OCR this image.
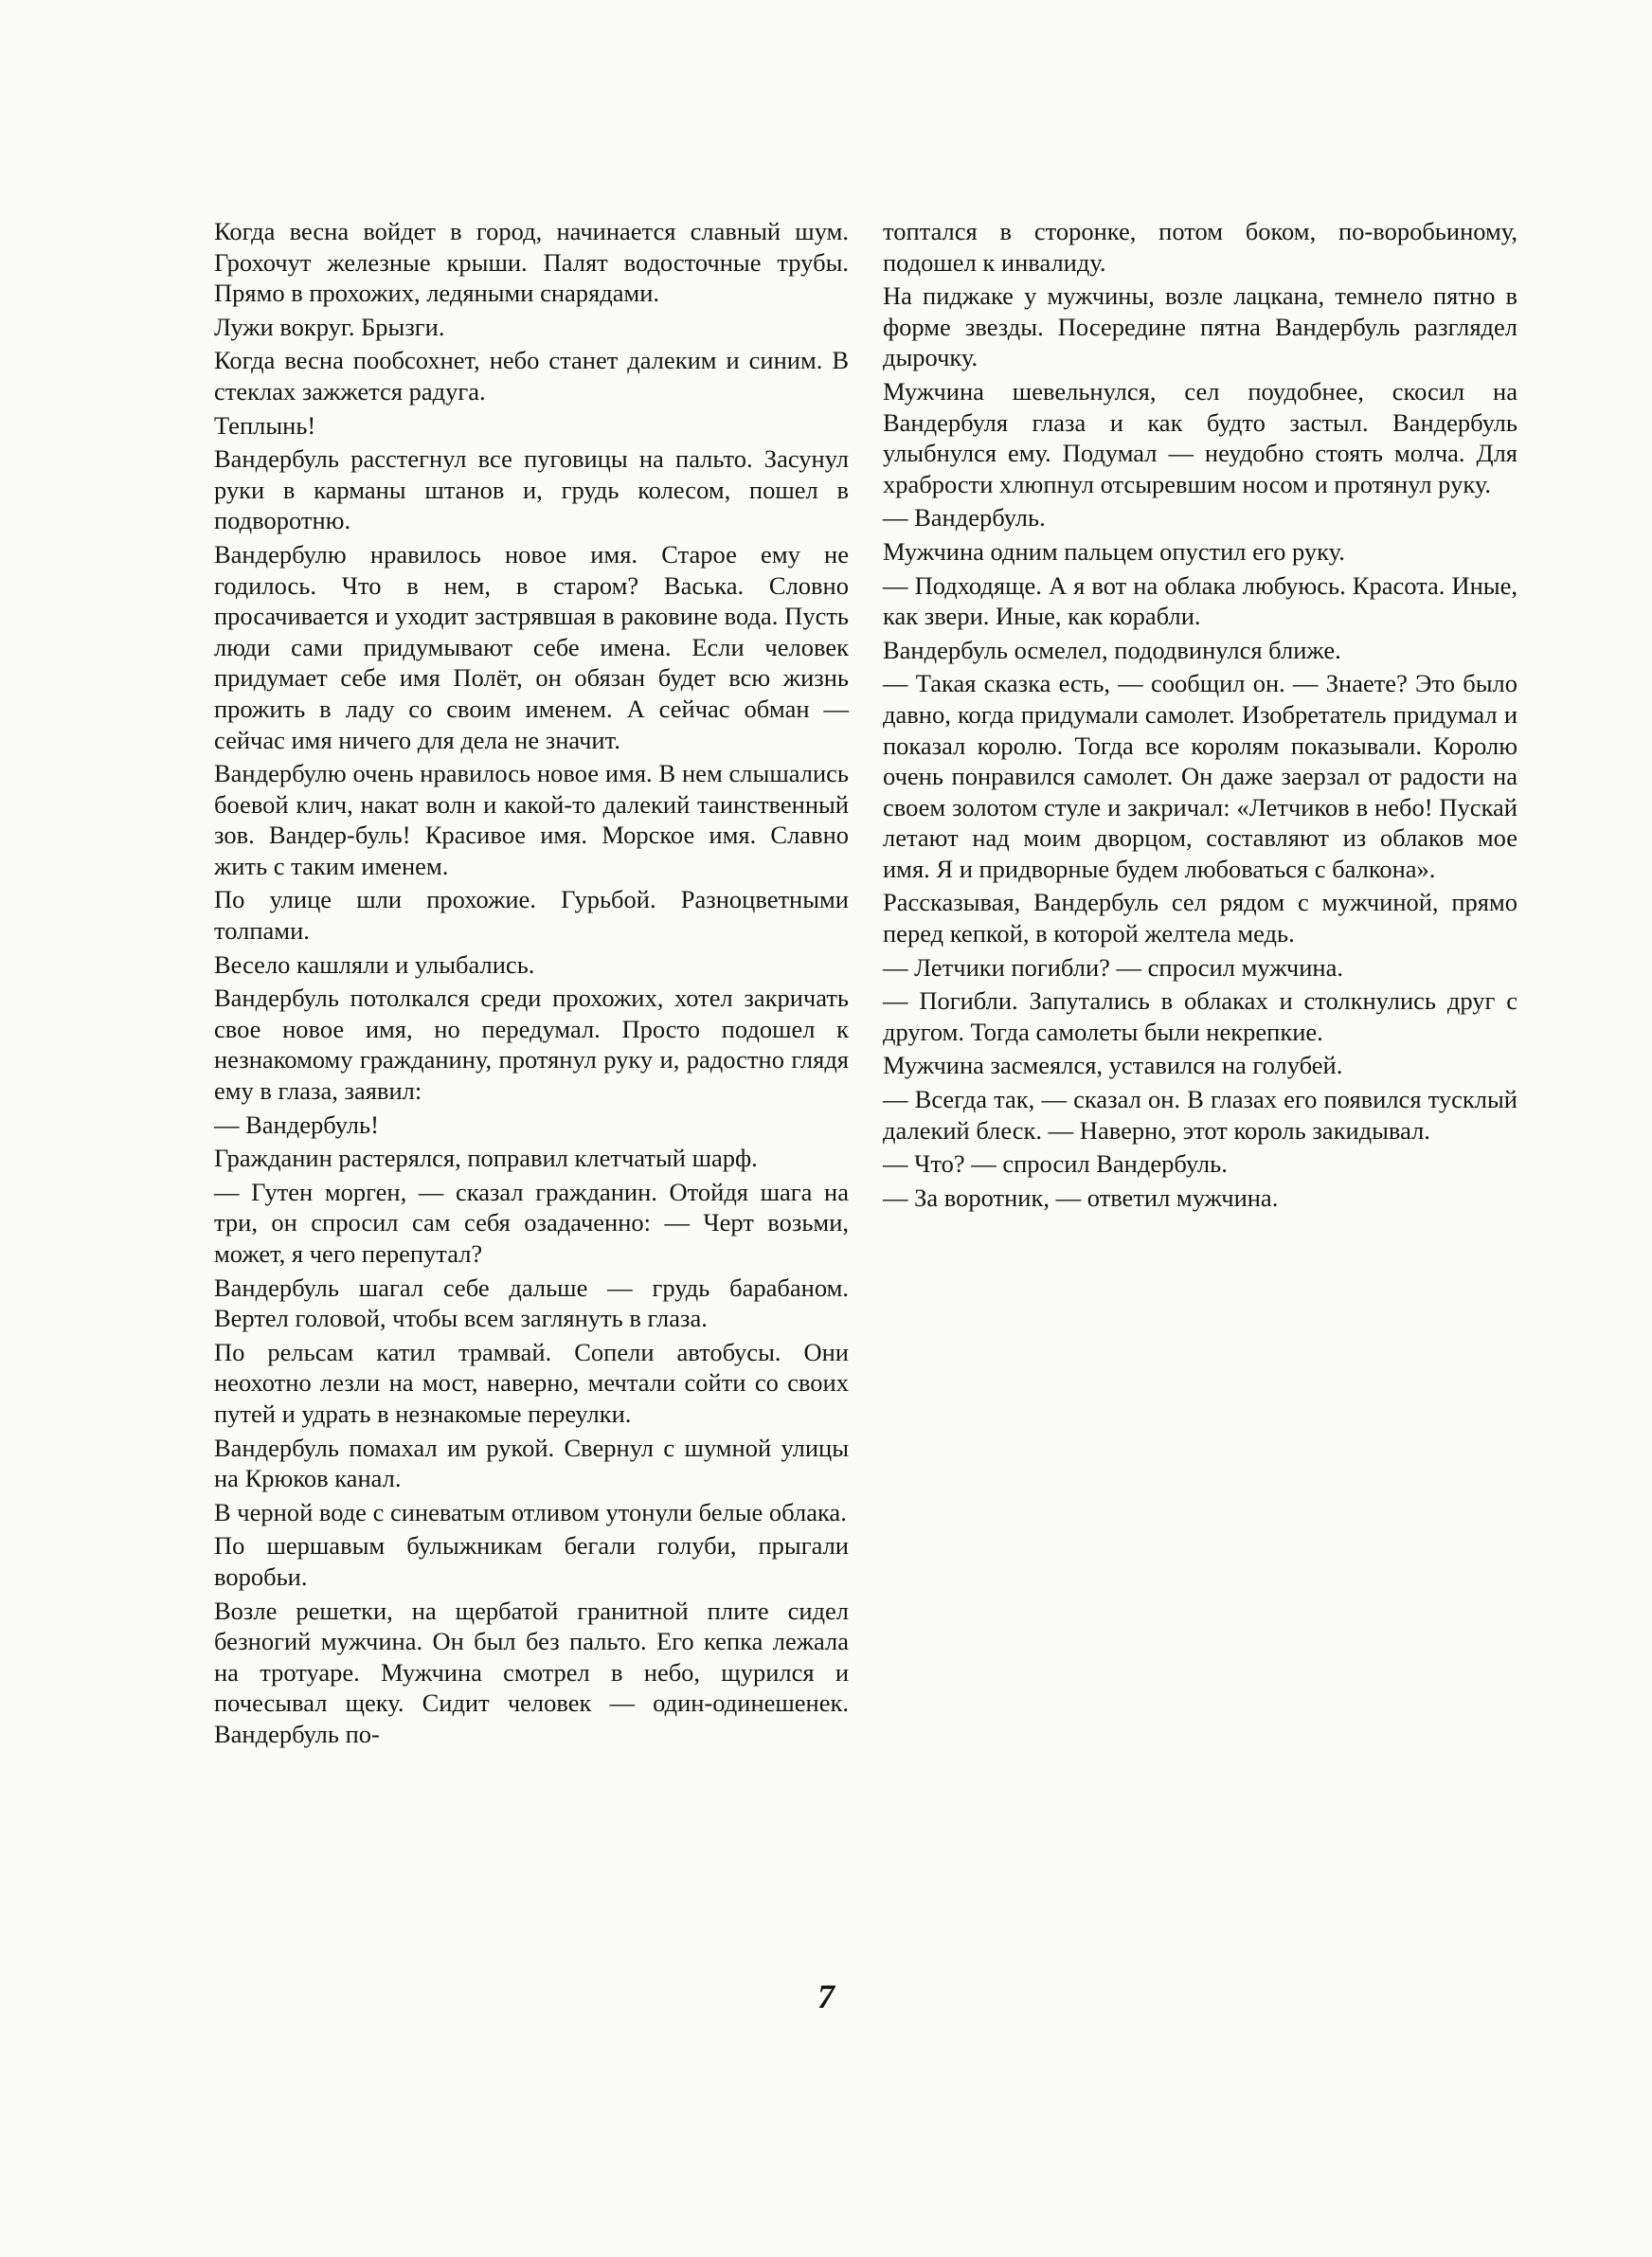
Когда весна войдет в город, начинается славный шум. Грохочут железные крыши. Палят водосточные трубы. Прямо в прохожих, ледяными снарядами.

Лужи вокруг. Брызги.

Когда весна пообсохнет, небо станет далеким и синим. В стеклах зажжется радуга.

Теплынь!

Вандербуль расстегнул все пуговицы на пальто. Засунул руки в карманы штанов и, грудь колесом, пошел в подворотню.

Вандербулю нравилось новое имя. Старое ему не годилось. Что в нем, в старом? Васька. Словно просачивается и уходит застрявшая в раковине вода. Пусть люди сами придумывают себе имена. Если человек придумает себе имя Полёт, он обязан будет всю жизнь прожить в ладу со своим именем. А сейчас обман — сейчас имя ничего для дела не значит.

Вандербулю очень нравилось новое имя. В нем слышались боевой клич, накат волн и какой-то далекий таинственный зов. Вандер-буль! Красивое имя. Морское имя. Славно жить с таким именем.

По улице шли прохожие. Гурьбой. Разноцветными толпами.

Весело кашляли и улыбались.

Вандербуль потолкался среди прохожих, хотел закричать свое новое имя, но передумал. Просто подошел к незнакомому гражданину, протянул руку и, радостно глядя ему в глаза, заявил:

— Вандербуль!

Гражданин растерялся, поправил клетчатый шарф.

— Гутен морген, — сказал гражданин. Отойдя шага на три, он спросил сам себя озадаченно: — Черт возьми, может, я чего перепутал?

Вандербуль шагал себе дальше — грудь барабаном. Вертел головой, чтобы всем заглянуть в глаза.

По рельсам катил трамвай. Сопели автобусы. Они неохотно лезли на мост, наверно, мечтали сойти со своих путей и удрать в незнакомые переулки.

Вандербуль помахал им рукой. Свернул с шумной улицы на Крюков канал.

В черной воде с синеватым отливом утонули белые облака.

По шершавым булыжникам бегали голуби, прыгали воробьи.

Возле решетки, на щербатой гранитной плите сидел безногий мужчина. Он был без пальто. Его кепка лежала на тротуаре. Мужчина смотрел в небо, щурился и почесывал щеку. Сидит человек — один-одинешенек. Вандербуль по-

топтался в сторонке, потом боком, по-воробьиному, подошел к инвалиду.

На пиджаке у мужчины, возле лацкана, темнело пятно в форме звезды. Посередине пятна Вандербуль разглядел дырочку.

Мужчина шевельнулся, сел поудобнее, скосил на Вандербуля глаза и как будто застыл. Вандербуль улыбнулся ему. Подумал — неудобно стоять молча. Для храбрости хлюпнул отсыревшим носом и протянул руку.

— Вандербуль.

Мужчина одним пальцем опустил его руку.

— Подходяще. А я вот на облака любуюсь. Красота. Иные, как звери. Иные, как корабли.

Вандербуль осмелел, пододвинулся ближе.

— Такая сказка есть, — сообщил он. — Знаете? Это было давно, когда придумали самолет. Изобретатель придумал и показал королю. Тогда все королям показывали. Королю очень понравился самолет. Он даже заерзал от радости на своем золотом стуле и закричал: «Летчиков в небо! Пускай летают над моим дворцом, составляют из облаков мое имя. Я и придворные будем любоваться с балкона».

Рассказывая, Вандербуль сел рядом с мужчиной, прямо перед кепкой, в которой желтела медь.

— Летчики погибли? — спросил мужчина.

— Погибли. Запутались в облаках и столкнулись друг с другом. Тогда самолеты были некрепкие.

Мужчина засмеялся, уставился на голубей.

— Всегда так, — сказал он. В глазах его появился тусклый далекий блеск. — Наверно, этот король закидывал.

— Что? — спросил Вандербуль.

— За воротник, — ответил мужчина.

7
